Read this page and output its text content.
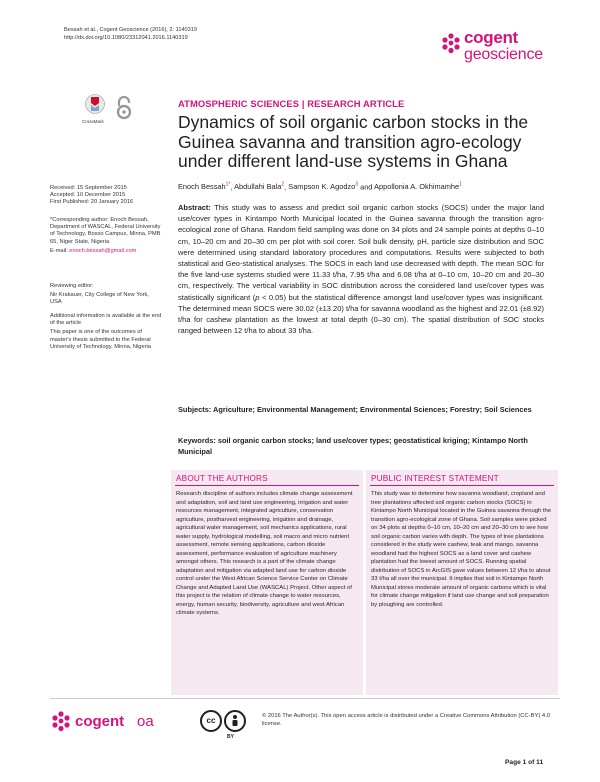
Bessah et al., Cogent Geoscience (2016), 2: 1140319
http://dx.doi.org/10.1080/23312041.2016.1140319	cogent
geoscience
CrossMark
ATMOSPHERIC SCIENCES | RESEARCH ARTICLE
Dynamics of soil organic carbon stocks in the Guinea savanna and transition agro-ecology under different land-use systems in Ghana
Enoch Bessah$^{1*}$, Abdullahi Bala$^2$, Sampson K. Agodzo$^3$ and Appollonia A. Okhimamhe$^1$

Received: 15 September 2015

Accepted: 10 December 2015

First Published: 20 January 2016

*Corresponding author: Enoch Bessah, Department of WASCAL, Federal University of Technology, Bosso Campus, Minna, PMB 65, Niger State, Nigeria

E-mail: enoch.bessah@gmail.com

Reviewing editor:

Nir Krakauer, City College of New York, USA

Additional information is available at the end of the article

This paper is one of the outcomes of master's thesis submitted to the Federal University of Technology, Minna, Nigeria

Abstract: This study was to assess and predict soil organic carbon stocks (SOCS) under the major land use/cover types in Kintampo North Municipal located in the Guinea savanna through the transition agro-ecological zone of Ghana. Random field sampling was done on 34 plots and 24 sample points at depths 0–10 cm, 10–20 cm and 20–30 cm per plot with soil corer. Soil bulk density, pH, particle size distribution and SOC were determined using standard laboratory procedures and computations. Results were subjected to both statistical and Geo-statistical analyses. The SOCS in each land use decreased with depth. The mean SOC for the five land-use systems studied were 11.33 t/ha, 7.95 t/ha and 6.08 t/ha at 0–10 cm, 10–20 cm and 20–30 cm, respectively. The vertical variability in SOC distribution across the considered land use/cover types was statistically significant (p < 0.05) but the statistical difference amongst land use/cover types was insignificant. The determined mean SOCS were 30.02 (±13.20) t/ha for savanna woodland as the highest and 22.01 (±8.92) t/ha for cashew plantation as the lowest at total depth (0–30 cm). The spatial distribution of SOC stocks ranged between 12 t/ha to about 33 t/ha.
Subjects: Agriculture; Environmental Management; Environmental Sciences; Forestry; Soil Sciences
Keywords: soil organic carbon stocks; land use/cover types; geostatistical kriging; Kintampo North Municipal
ABOUT THE AUTHORS
Research discipline of authors includes climate change assessment and adaptation, soil and land use engineering, irrigation and water resources management, integrated agriculture, conservation agriculture, postharvest engineering, irrigation and drainage, agricultural water management, soil mechanics applications, rural water supply, hydrological modelling, soil macro and micro nutrient assessment, remote sensing applications, carbon dioxide assessment, performance evaluation of agriculture machinery amongst others. This research is a part of the climate change adaptation and mitigation via adapted land use for carbon dioxide control under the West African Science Service Center on Climate Change and Adapted Land Use (WASCAL) Project. Other aspect of this project is the relation of climate change to water resources, energy, human security, biodiversity, agriculture and west African climate systems.
PUBLIC INTEREST STATEMENT
This study was to determine how savanna woodland, cropland and tree plantations affected soil organic carbon stocks (SOCS) in Kintampo North Municipal located in the Guinea savanna through the transition agro-ecological zone of Ghana. Soil samples were picked on 34 plots at depths 0–10 cm, 10–20 cm and 20–30 cm to see how soil organic carbon varies with depth. The types of tree plantations considered in the study were cashew, teak and mango. savanna woodland had the highest SOCS as a land cover and cashew plantation had the lowest amount of SOCS. Running spatial distribution of SOCS in ArcGIS gave values between 12 t/ha to about 33 t/ha all over the municipal. It implies that soil in Kintampo North Municipal stores moderate amount of organic carbons which is vital for climate change mitigation if land use change and soil preparation by ploughing are controlled.
cogent oa	cc
BY
© 2016 The Author(s). This open access article is distributed under a Creative Commons Attribution (CC-BY) 4.0 license.
Page 1 of 11
